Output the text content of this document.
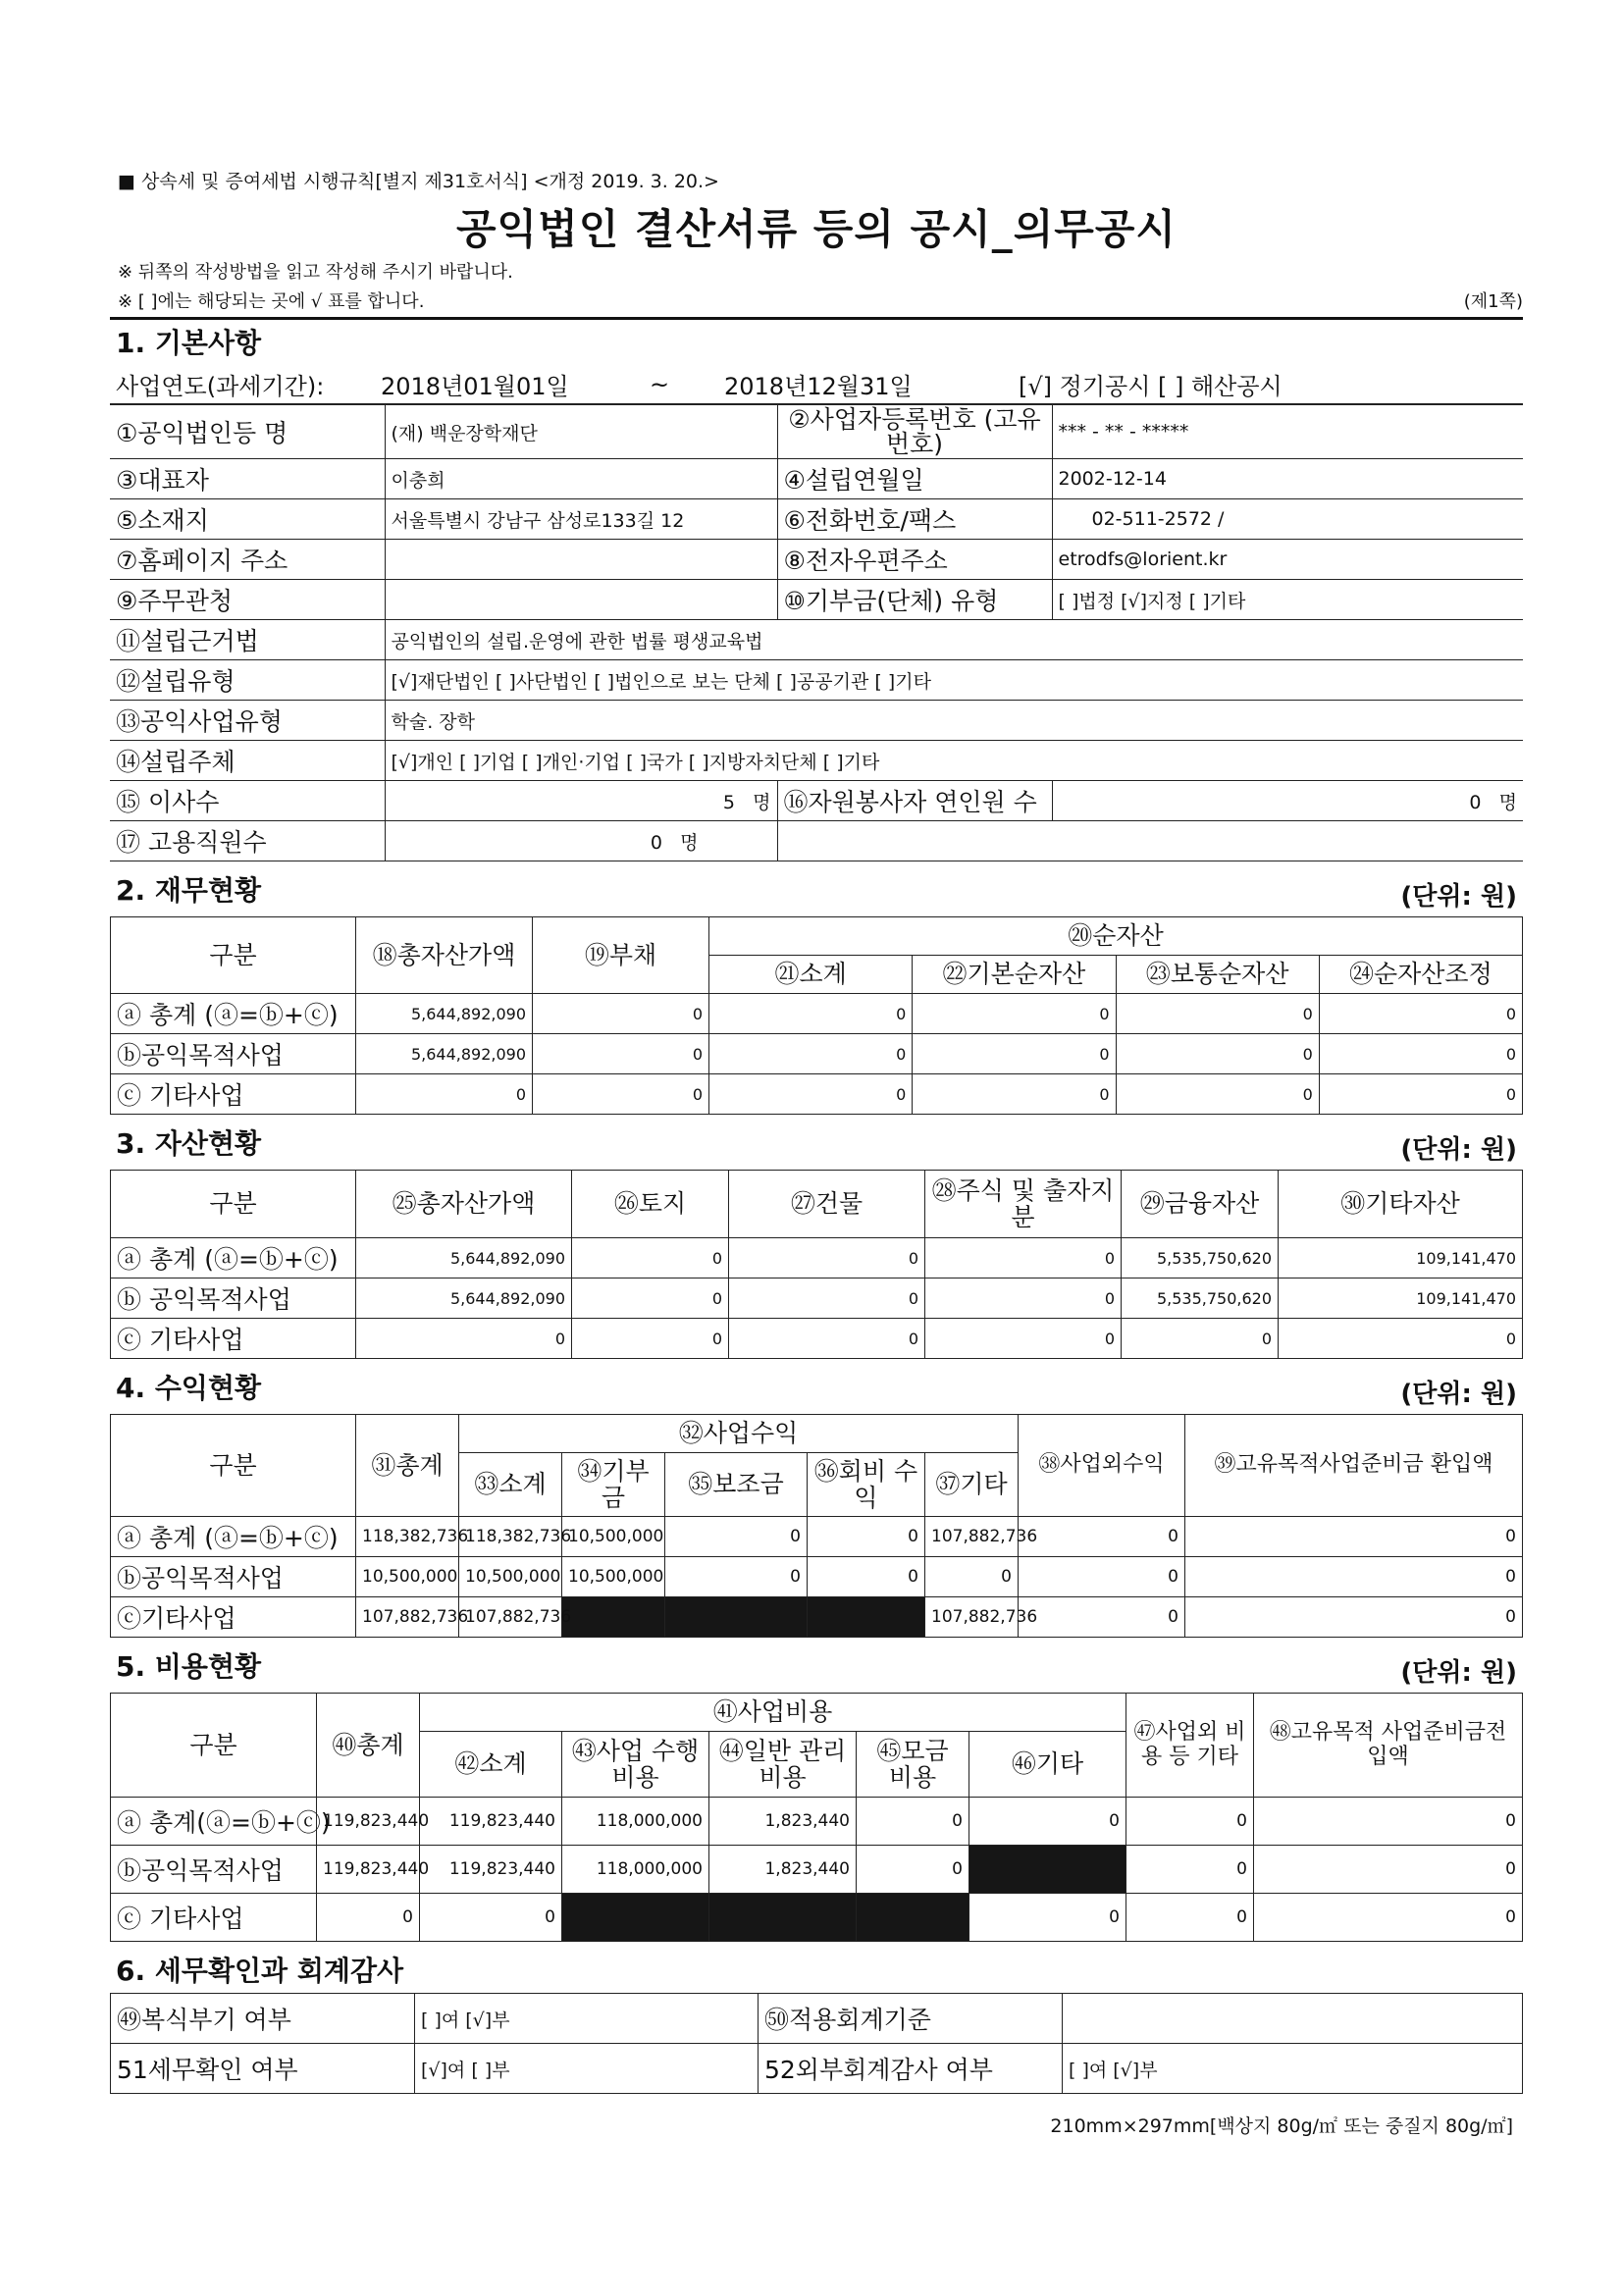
■ 상속세 및 증여세법 시행규칙[별지 제31호서식] <개정 2019. 3. 20.>
공익법인 결산서류 등의 공시_의무공시
※ 뒤쪽의 작성방법을 읽고 작성해 주시기 바랍니다.
※ [ ]에는 해당되는 곳에 √ 표를 합니다.	(제1쪽)
1. 기본사항
사업연도(과세기간):	2018년01월01일	~	2018년12월31일	[√] 정기공시 [ ] 해산공시
①공익법인등 명	(재) 백운장학재단	②사업자등록번호 (고유번호)	*** - ** - *****
③대표자	이충희	④설립연월일	2002-12-14
⑤소재지	서울특별시 강남구 삼성로133길 12	⑥전화번호/팩스	02-511-2572 /
⑦홈페이지 주소		⑧전자우편주소	etrodfs@lorient.kr
⑨주무관청		⑩기부금(단체) 유형	[ ]법정 [√]지정 [ ]기타
⑪설립근거법	공익법인의 설립.운영에 관한 법률 평생교육법		
⑫설립유형	[√]재단법인 [ ]사단법인 [ ]법인으로 보는 단체 [ ]공공기관 [ ]기타		
⑬공익사업유형	학술. 장학		
⑭설립주체	[√]개인 [ ]기업 [ ]개인·기업 [ ]국가 [ ]지방자치단체 [ ]기타		
⑮ 이사수	5 명	⑯자원봉사자 연인원 수	0 명
⑰ 고용직원수	0 명		
2. 재무현황	(단위: 원)
구분	⑱총자산가액	⑲부채	⑳순자산			
			㉑소계	㉒기본순자산	㉓보통순자산	㉔순자산조정
ⓐ 총계 (ⓐ=ⓑ+ⓒ)	5,644,892,090	0	0	0	0	0
ⓑ공익목적사업	5,644,892,090	0	0	0	0	0
ⓒ 기타사업	0	0	0	0	0	0
3. 자산현황	(단위: 원)
구분	㉕총자산가액	㉖토지	㉗건물	㉘주식 및 출자지분	㉙금융자산	㉚기타자산
ⓐ 총계 (ⓐ=ⓑ+ⓒ)	5,644,892,090	0	0	0	5,535,750,620	109,141,470
ⓑ 공익목적사업	5,644,892,090	0	0	0	5,535,750,620	109,141,470
ⓒ 기타사업	0	0	0	0	0	0
4. 수익현황	(단위: 원)
구분	㉛총계	㉜사업수익					㊳사업외수익	㊴고유목적사업준비금 환입액
		㉝소계	㉞기부금	㉟보조금	㊱회비 수익	㊲기타		
ⓐ 총계 (ⓐ=ⓑ+ⓒ)	118,382,736	118,382,736	10,500,000	0	0	107,882,736	0	0
ⓑ공익목적사업	10,500,000	10,500,000	10,500,000	0	0	0	0	0
ⓒ기타사업	107,882,736	107,882,736				107,882,736	0	0
5. 비용현황	(단위: 원)
구분	㊵총계	㊶사업비용					㊼사업외 비용 등 기타	㊽고유목적 사업준비금전 입액
		㊷소계	㊸사업 수행비용	㊹일반 관리비용	㊺모금 비용	㊻기타		
ⓐ 총계(ⓐ=ⓑ+ⓒ)	119,823,440	119,823,440	118,000,000	1,823,440	0	0	0	0
ⓑ공익목적사업	119,823,440	119,823,440	118,000,000	1,823,440	0		0	0
ⓒ 기타사업	0	0				0	0	0
6. 세무확인과 회계감사
㊾복식부기 여부	[ ]여 [√]부	㊿적용회계기준	
51세무확인 여부	[√]여 [ ]부	52외부회계감사 여부	[ ]여 [√]부
210mm×297mm[백상지 80g/㎡ 또는 중질지 80g/㎡]
